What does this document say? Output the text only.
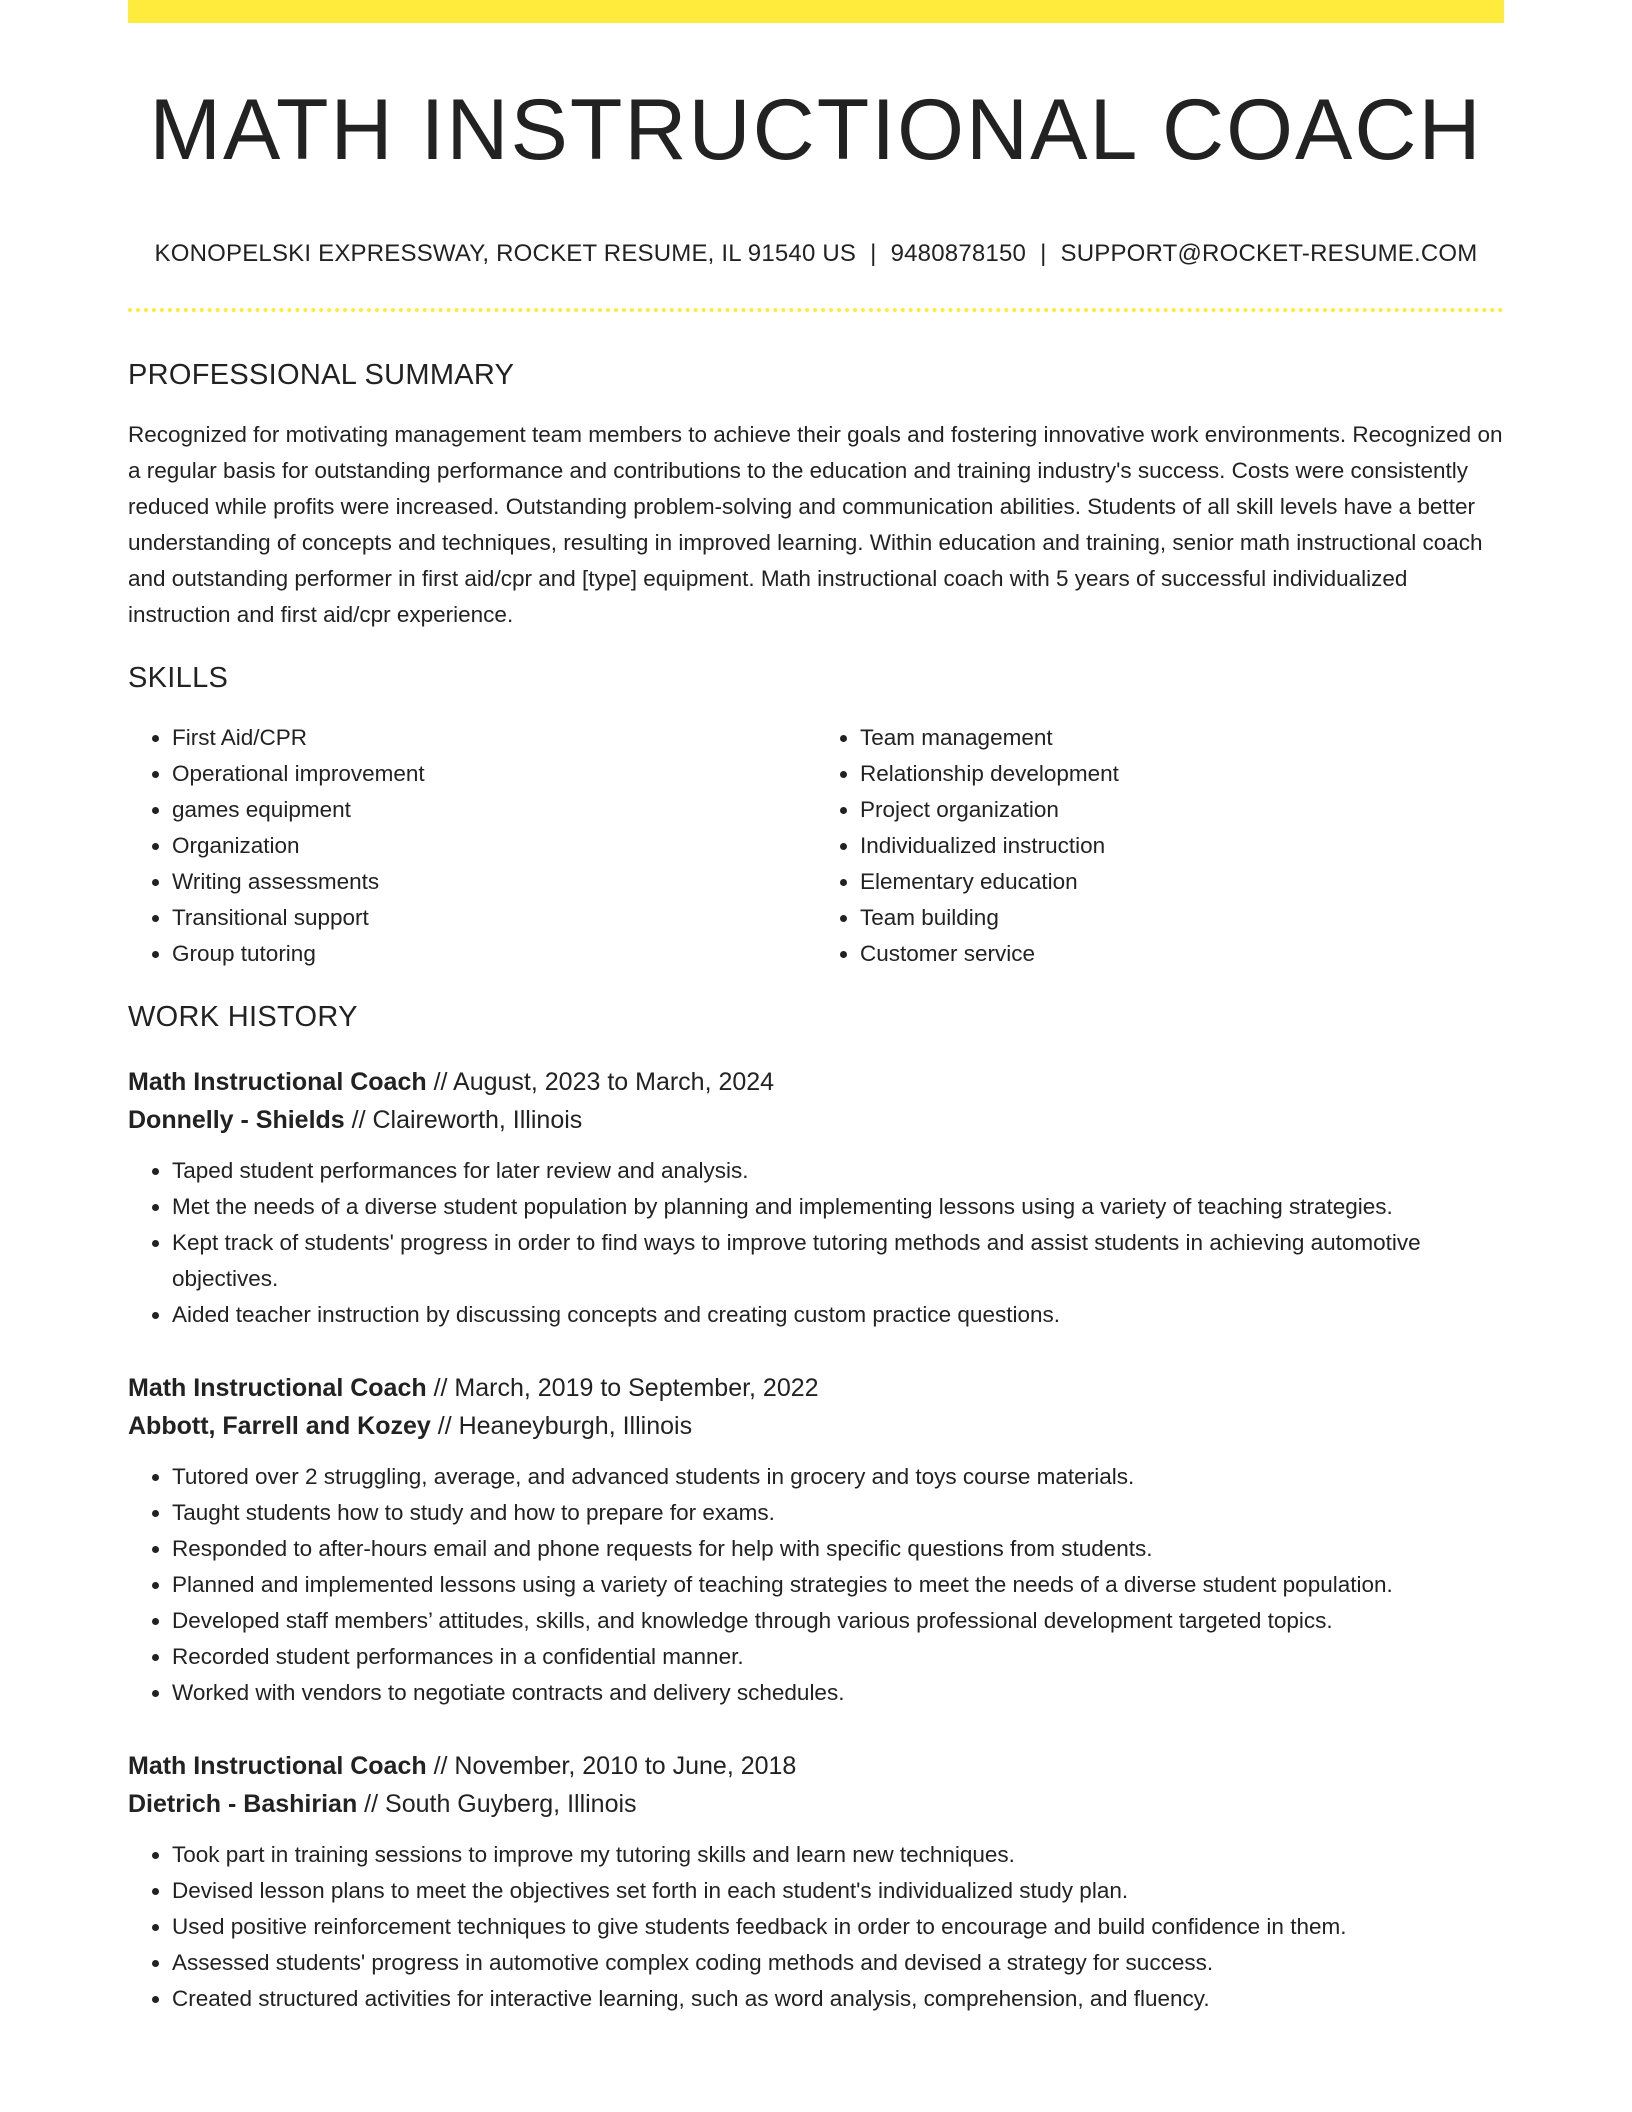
MATH INSTRUCTIONAL COACH
KONOPELSKI EXPRESSWAY, ROCKET RESUME, IL 91540 US | 9480878150 | SUPPORT@ROCKET-RESUME.COM
PROFESSIONAL SUMMARY

Recognized for motivating management team members to achieve their goals and fostering innovative work environments. Recognized on a regular basis for outstanding performance and contributions to the education and training industry's success. Costs were consistently reduced while profits were increased. Outstanding problem-solving and communication abilities. Students of all skill levels have a better understanding of concepts and techniques, resulting in improved learning. Within education and training, senior math instructional coach and outstanding performer in first aid/cpr and [type] equipment. Math instructional coach with 5 years of successful individualized instruction and first aid/cpr experience.

SKILLS
• First Aid/CPR
• Operational improvement
• games equipment
• Organization
• Writing assessments
• Transitional support
• Group tutoring
• Team management
• Relationship development
• Project organization
• Individualized instruction
• Elementary education
• Team building
• Customer service
WORK HISTORY
Math Instructional Coach // August, 2023 to March, 2024
Donnelly - Shields // Claireworth, Illinois
• Taped student performances for later review and analysis.
• Met the needs of a diverse student population by planning and implementing lessons using a variety of teaching strategies.
• Kept track of students' progress in order to find ways to improve tutoring methods and assist students in achieving automotive objectives.
• Aided teacher instruction by discussing concepts and creating custom practice questions.
Math Instructional Coach // March, 2019 to September, 2022
Abbott, Farrell and Kozey // Heaneyburgh, Illinois
• Tutored over 2 struggling, average, and advanced students in grocery and toys course materials.
• Taught students how to study and how to prepare for exams.
• Responded to after-hours email and phone requests for help with specific questions from students.
• Planned and implemented lessons using a variety of teaching strategies to meet the needs of a diverse student population.
• Developed staff members’ attitudes, skills, and knowledge through various professional development targeted topics.
• Recorded student performances in a confidential manner.
• Worked with vendors to negotiate contracts and delivery schedules.
Math Instructional Coach // November, 2010 to June, 2018
Dietrich - Bashirian // South Guyberg, Illinois
• Took part in training sessions to improve my tutoring skills and learn new techniques.
• Devised lesson plans to meet the objectives set forth in each student's individualized study plan.
• Used positive reinforcement techniques to give students feedback in order to encourage and build confidence in them.
• Assessed students' progress in automotive complex coding methods and devised a strategy for success.
• Created structured activities for interactive learning, such as word analysis, comprehension, and fluency.
